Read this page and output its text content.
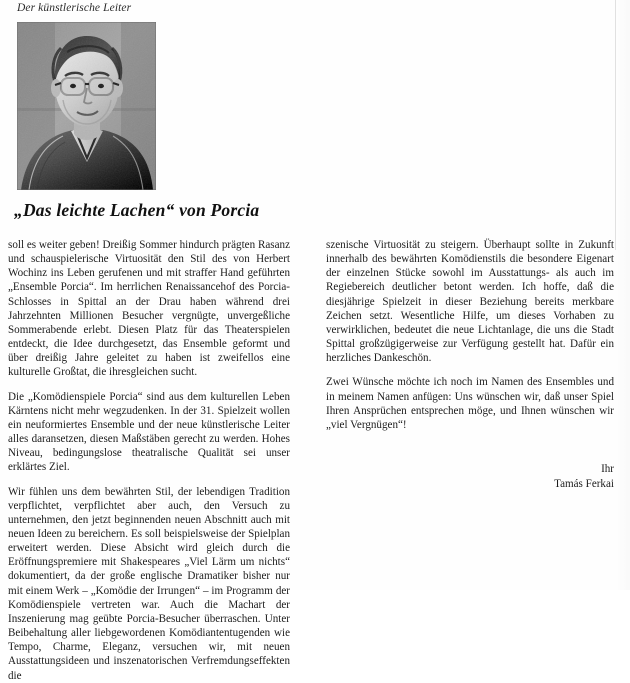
Der künstlerische Leiter
„Das leichte Lachen“ von Porcia

soll es weiter geben! Dreißig Sommer hindurch prägten Rasanz und schauspielerische Virtuosität den Stil des von Herbert Wochinz ins Leben gerufenen und mit straffer Hand geführten „Ensemble Porcia“. Im herrlichen Renaissancehof des Porcia-Schlosses in Spittal an der Drau haben während drei Jahrzehnten Millionen Besucher vergnügte, unvergeßliche Sommerabende erlebt. Diesen Platz für das Theaterspielen entdeckt, die Idee durchgesetzt, das Ensemble geformt und über dreißig Jahre geleitet zu haben ist zweifellos eine kulturelle Großtat, die ihresgleichen sucht.

Die „Komödienspiele Porcia“ sind aus dem kulturellen Leben Kärntens nicht mehr wegzudenken. In der 31. Spielzeit wollen ein neuformiertes Ensemble und der neue künstlerische Leiter alles daransetzen, diesen Maßstäben gerecht zu werden. Hohes Niveau, bedingungslose theatralische Qualität sei unser erklärtes Ziel.

Wir fühlen uns dem bewährten Stil, der lebendigen Tradition verpflichtet, verpflichtet aber auch, den Versuch zu unternehmen, den jetzt beginnenden neuen Abschnitt auch mit neuen Ideen zu bereichern. Es soll beispielsweise der Spielplan erweitert werden. Diese Absicht wird gleich durch die Eröffnungspremiere mit Shakespeares „Viel Lärm um nichts“ dokumentiert, da der große englische Dramatiker bisher nur mit einem Werk – „Komödie der Irrungen“ – im Programm der Komödienspiele vertreten war. Auch die Machart der Inszenierung mag geübte Porcia-Besucher überraschen. Unter Beibehaltung aller liebgewordenen Komödiantentugenden wie Tempo, Charme, Eleganz, versuchen wir, mit neuen Ausstattungsideen und inszenatorischen Verfremdungseffekten die

szenische Virtuosität zu steigern. Überhaupt sollte in Zukunft innerhalb des bewährten Komödienstils die besondere Eigenart der einzelnen Stücke sowohl im Ausstattungs- als auch im Regiebereich deutlicher betont werden. Ich hoffe, daß die diesjährige Spielzeit in dieser Beziehung bereits merkbare Zeichen setzt. Wesentliche Hilfe, um dieses Vorhaben zu verwirklichen, bedeutet die neue Lichtanlage, die uns die Stadt Spittal großzügigerweise zur Verfügung gestellt hat. Dafür ein herzliches Dankeschön.

Zwei Wünsche möchte ich noch im Namen des Ensembles und in meinem Namen anfügen: Uns wünschen wir, daß unser Spiel Ihren Ansprüchen entsprechen möge, und Ihnen wünschen wir „viel Vergnügen“!

Ihr
Tamás Ferkai
